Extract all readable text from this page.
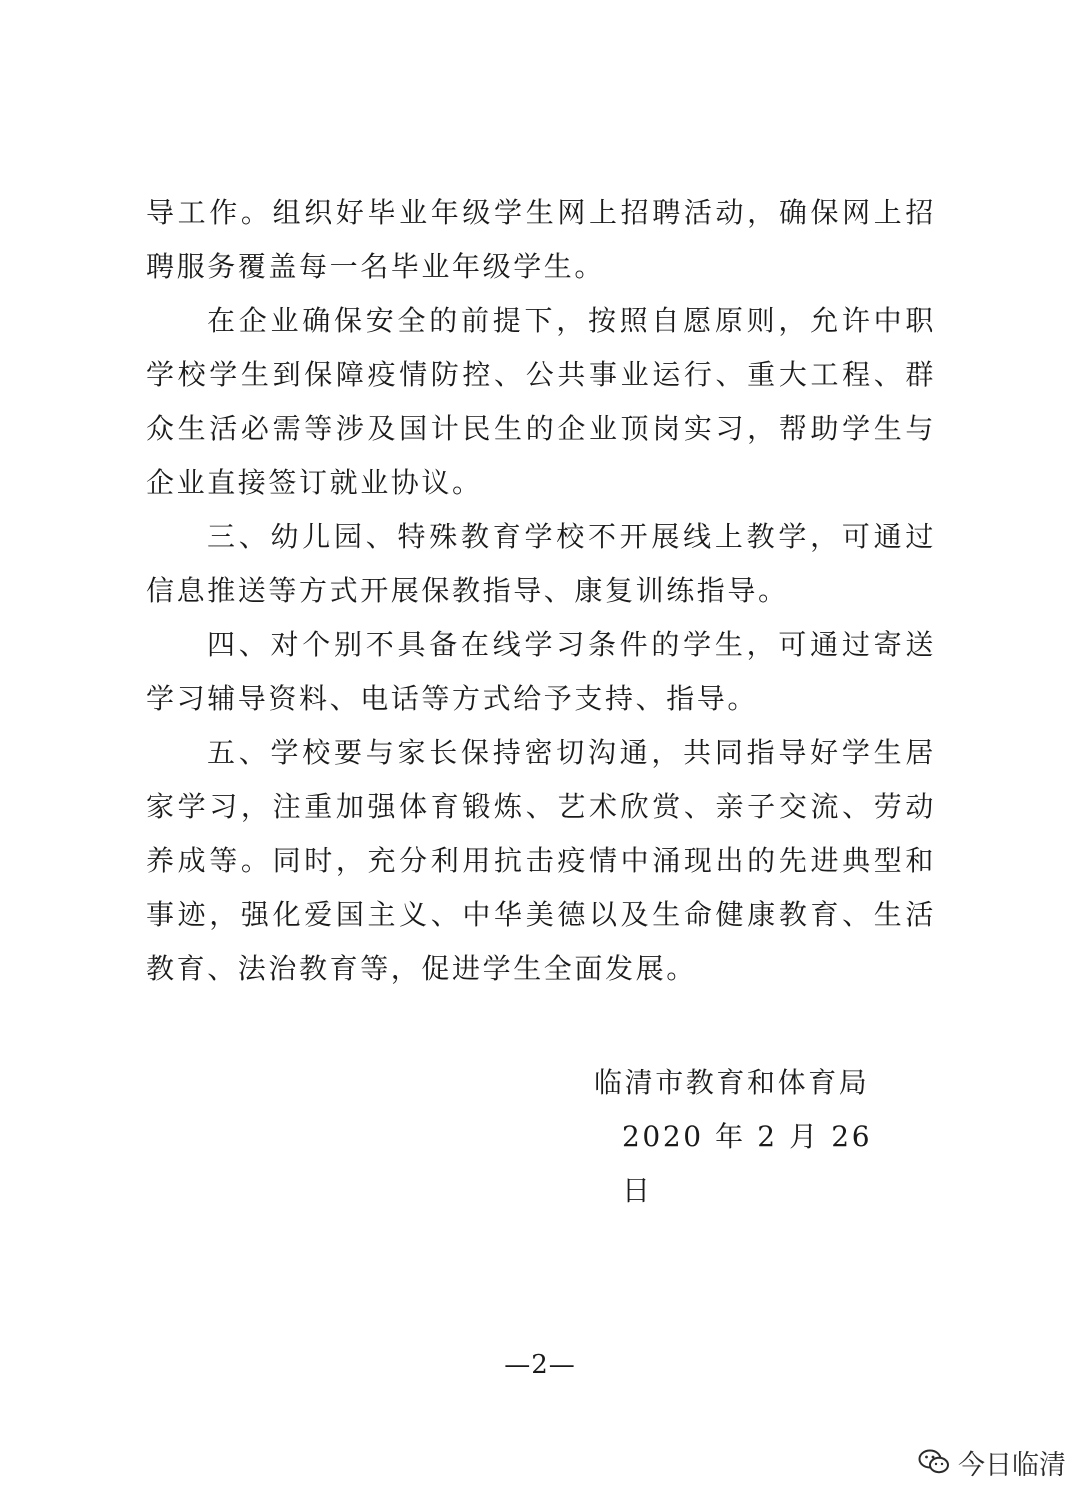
导工作。组织好毕业年级学生网上招聘活动，确保网上招聘服务覆盖每一名毕业年级学生。

在企业确保安全的前提下，按照自愿原则，允许中职学校学生到保障疫情防控、公共事业运行、重大工程、群众生活必需等涉及国计民生的企业顶岗实习，帮助学生与企业直接签订就业协议。

三、幼儿园、特殊教育学校不开展线上教学，可通过信息推送等方式开展保教指导、康复训练指导。

四、对个别不具备在线学习条件的学生，可通过寄送学习辅导资料、电话等方式给予支持、指导。

五、学校要与家长保持密切沟通，共同指导好学生居家学习，注重加强体育锻炼、艺术欣赏、亲子交流、劳动养成等。同时，充分利用抗击疫情中涌现出的先进典型和事迹，强化爱国主义、中华美德以及生命健康教育、生活教育、法治教育等，促进学生全面发展。

临清市教育和体育局

2020 年 2 月 26 日

—2—
今日临清
